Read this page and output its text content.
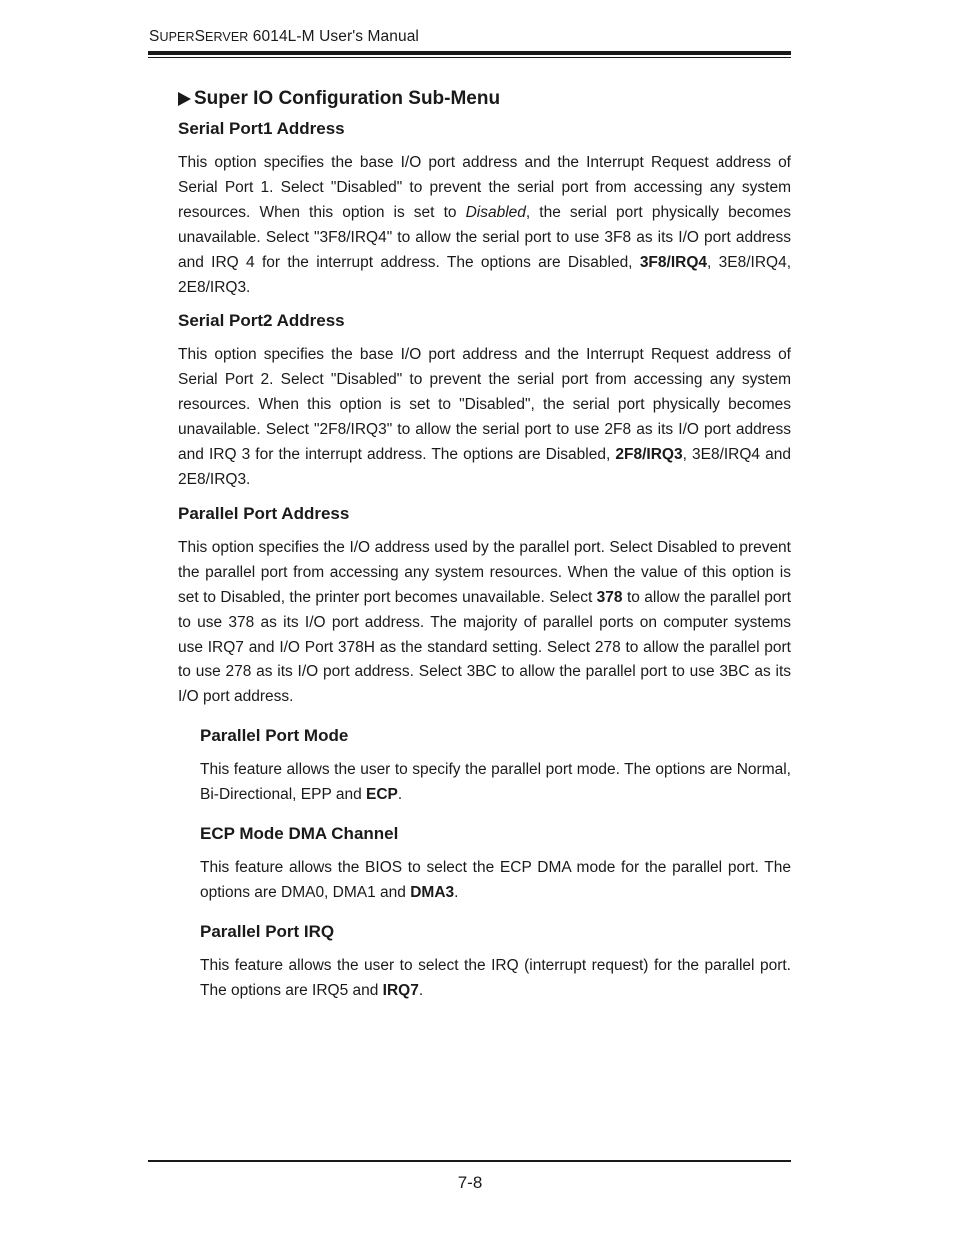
SUPERSERVER 6014L-M User's Manual
Super IO Configuration Sub-Menu
Serial Port1 Address

This option specifies the base I/O port address and the Interrupt Request address of Serial Port 1. Select "Disabled" to prevent the serial port from accessing any system resources. When this option is set to Disabled, the serial port physically becomes unavailable. Select "3F8/IRQ4" to allow the serial port to use 3F8 as its I/O port address and IRQ 4 for the interrupt address. The options are Disabled, 3F8/IRQ4, 3E8/IRQ4, 2E8/IRQ3.

Serial Port2 Address

This option specifies the base I/O port address and the Interrupt Request address of Serial Port 2. Select "Disabled" to prevent the serial port from accessing any system resources. When this option is set to "Disabled", the serial port physically becomes unavailable. Select "2F8/IRQ3" to allow the serial port to use 2F8 as its I/O port address and IRQ 3 for the interrupt address. The options are Disabled, 2F8/IRQ3, 3E8/IRQ4 and 2E8/IRQ3.

Parallel Port Address

This option specifies the I/O address used by the parallel port. Select Disabled to prevent the parallel port from accessing any system resources. When the value of this option is set to Disabled, the printer port becomes unavailable. Select 378 to allow the parallel port to use 378 as its I/O port address. The majority of parallel ports on computer systems use IRQ7 and I/O Port 378H as the standard setting. Select 278 to allow the parallel port to use 278 as its I/O port address. Select 3BC to allow the parallel port to use 3BC as its I/O port address.

Parallel Port Mode

This feature allows the user to specify the parallel port mode. The options are Normal, Bi-Directional, EPP and ECP.

ECP Mode DMA Channel

This feature allows the BIOS to select the ECP DMA mode for the parallel port. The options are DMA0, DMA1 and DMA3.

Parallel Port IRQ

This feature allows the user to select the IRQ (interrupt request) for the parallel port. The options are IRQ5 and IRQ7.

7-8
